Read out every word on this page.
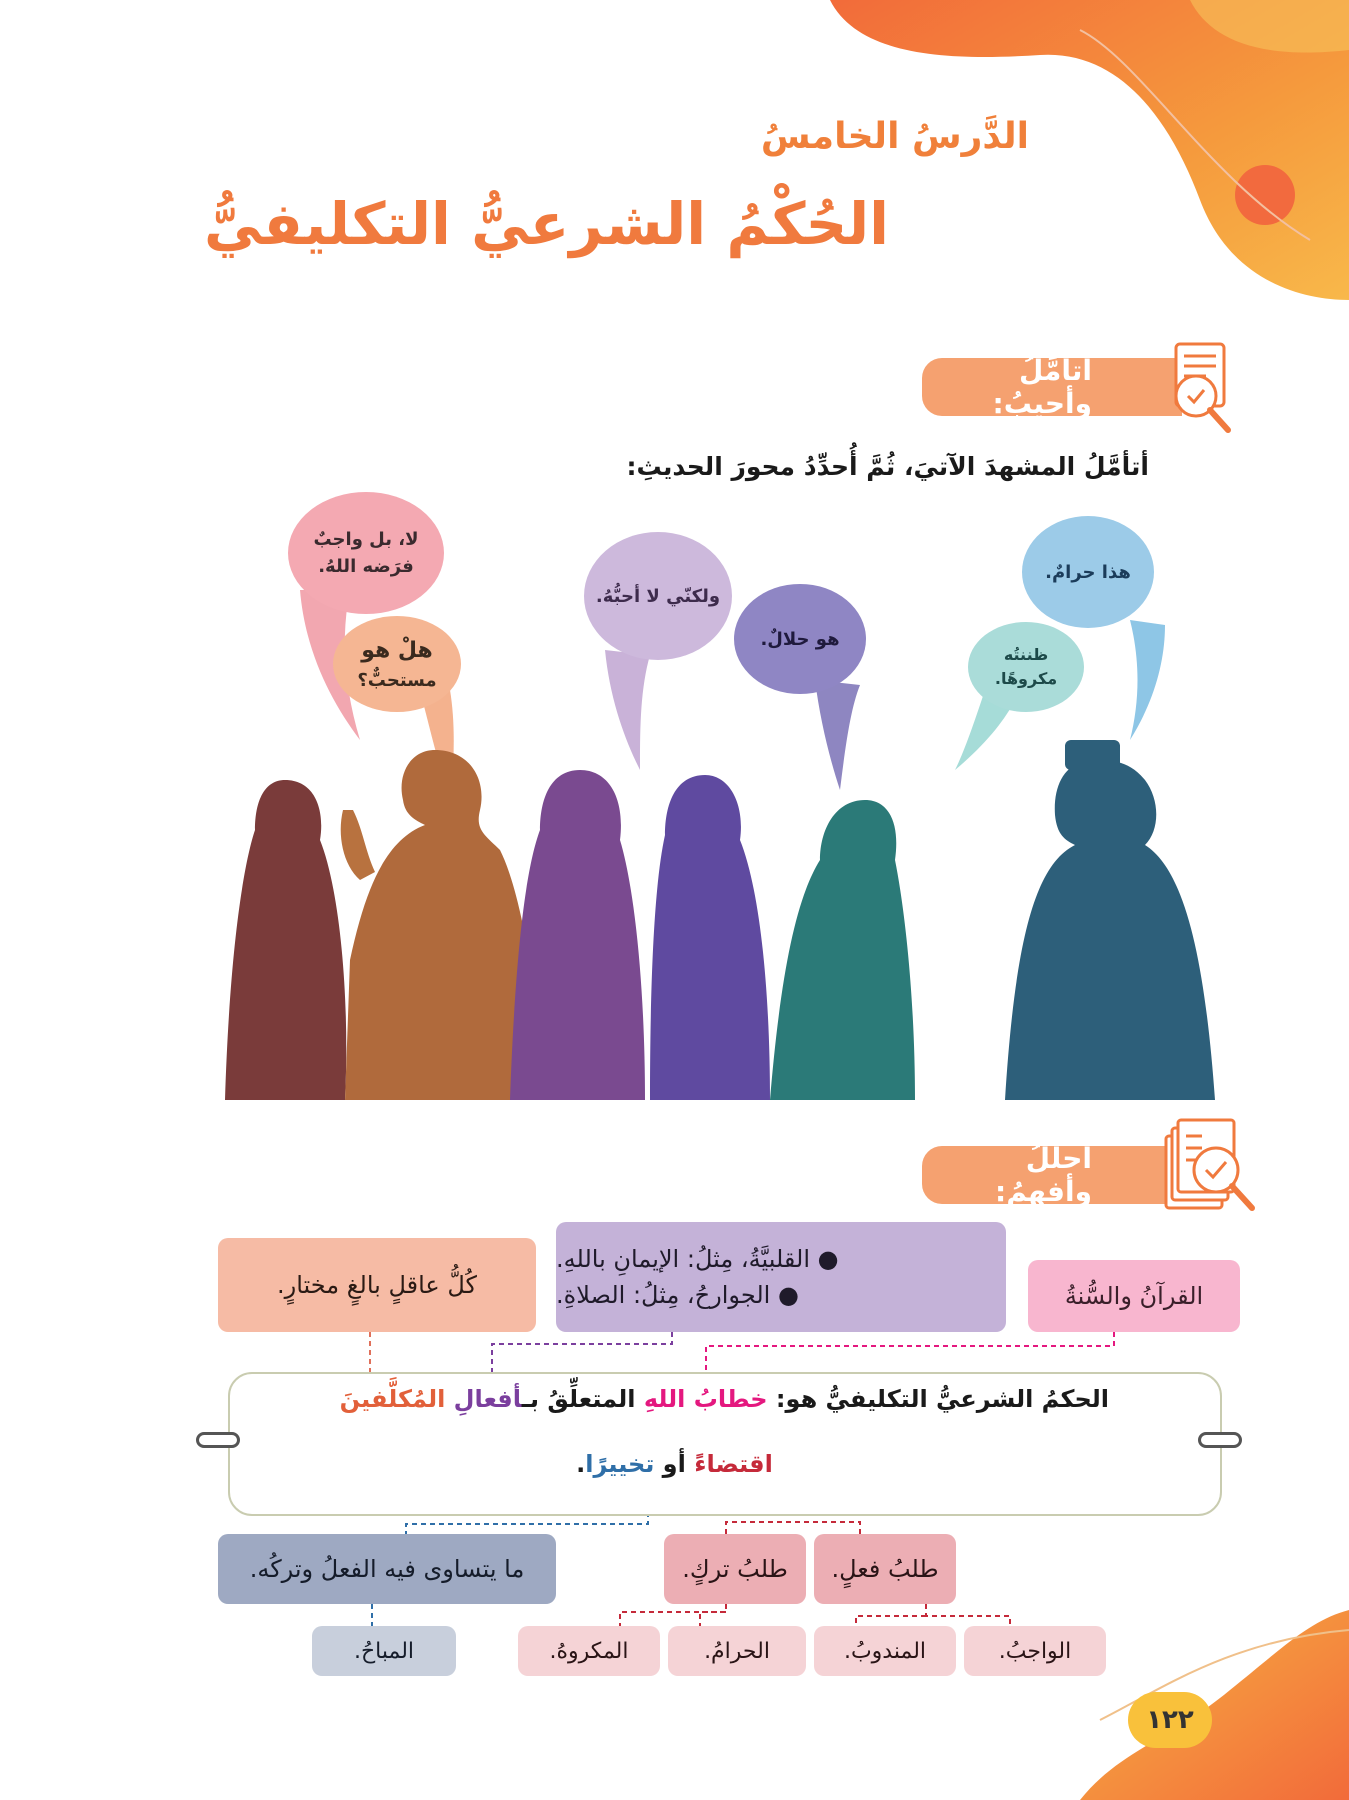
الدَّرسُ الخامسُ
الحُكْمُ الشرعيُّ التكليفيُّ
أتأمَّلُ وأجيبُ:
أتأمَّلُ المشهدَ الآتيَ، ثُمَّ أُحدِّدُ محورَ الحديثِ:
لا، بل واجبٌ
فرَضه اللهُ.
هلْ هو
مستحبٌّ؟
ولكنّي لا أحبُّهُ.
هو حلالٌ.
هذا حرامٌ.
ظننتُه
مكروهًا.
أُحلِّلُ وأفهمُ:
القرآنُ والسُّنةُ
● القلبيَّةُ، مِثلُ: الإيمانِ باللهِ.
● الجوارحُ، مِثلُ: الصلاةِ.
كُلُّ عاقلٍ بالغٍ مختارٍ.
الحكمُ الشرعيُّ التكليفيُّ هو: خطابُ اللهِ المتعلِّقُ بـأفعالِ المُكلَّفينَ
اقتضاءً أو تخييرًا.
طلبُ فعلٍ.
طلبُ تركٍ.
ما يتساوى فيه الفعلُ وتركُه.
الواجبُ.
المندوبُ.
الحرامُ.
المكروهُ.
المباحُ.
١٢٢
